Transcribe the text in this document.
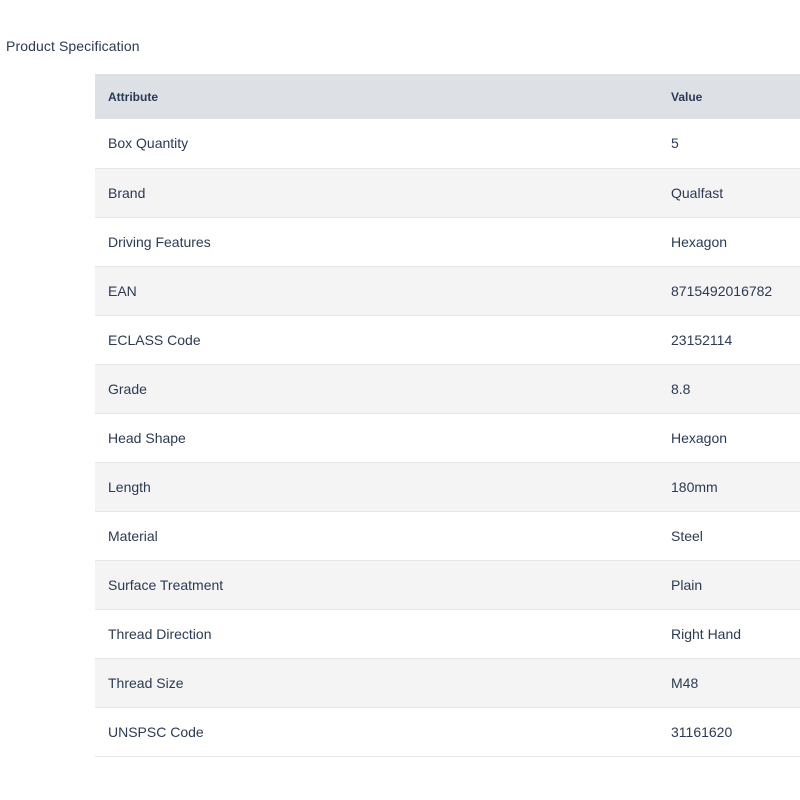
Product Specification
Attribute	Value
Box Quantity	5
Brand	Qualfast
Driving Features	Hexagon
EAN	8715492016782
ECLASS Code	23152114
Grade	8.8
Head Shape	Hexagon
Length	180mm
Material	Steel
Surface Treatment	Plain
Thread Direction	Right Hand
Thread Size	M48
UNSPSC Code	31161620
